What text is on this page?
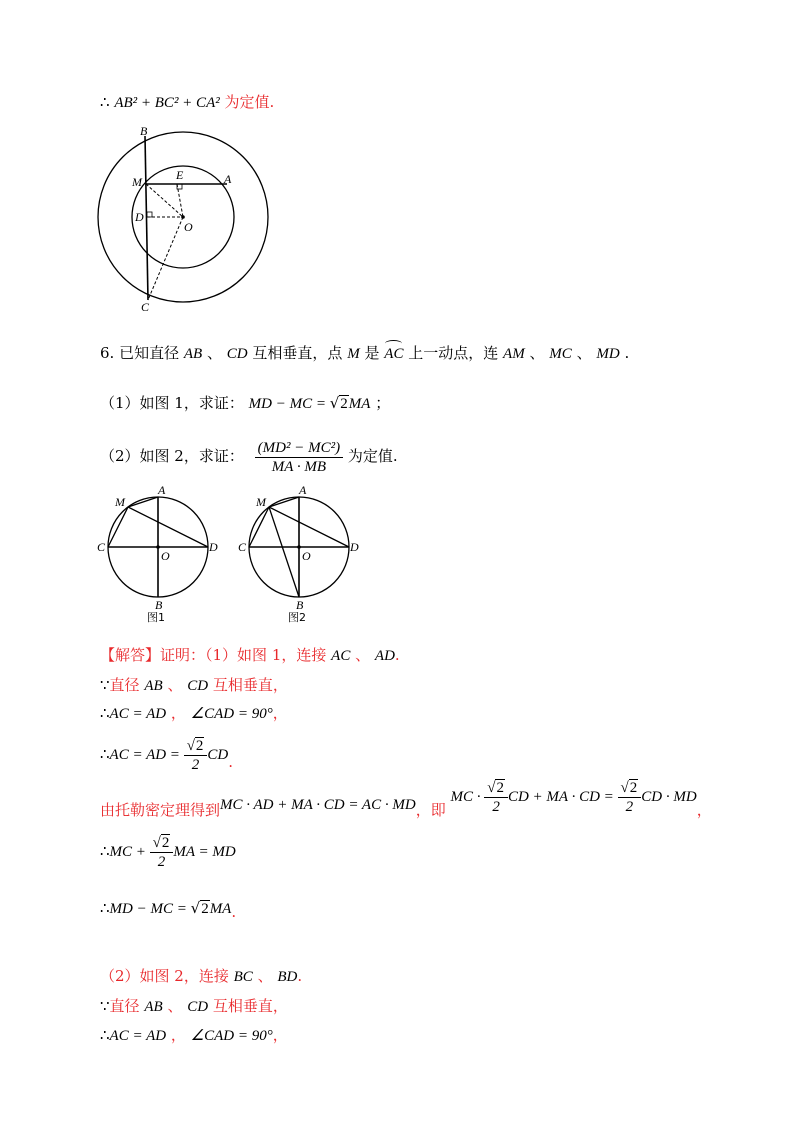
∴ AB² + BC² + CA² 为定值.
B
M	E	A
D
O
C
6. 已知直径 AB 、 CD 互相垂直，点 M 是 AC 上一动点，连 AM 、 MC 、 MD .
（1）如图 1，求证： MD − MC = √2MA ；
（2）如图 2，求证： $\frac{\text{(MD² − MC²)}}{MA \cdot MB}$ 为定值.
M
A
C
O
D
B
图1
M
A
C
O
D
B
图2
【解答】证明：（1）如图 1，连接 AC 、 AD.
∵直径 AB 、 CD 互相垂直，
∴AC = AD ， ∠CAD = 90°，
∴AC = AD = $\frac{√2}{2}$ CD.
由托勒密定理得到MC · AD + MA · CD = AC · MD，即 MC · $\frac{√2}{2}$ CD + MA · CD = $\frac{√2}{2}$ CD · MD，
∴MC + $\frac{√2}{2}$ MA = MD
∴MD − MC = √2MA.
（2）如图 2，连接 BC 、 BD.
∵直径 AB 、 CD 互相垂直，
∴AC = AD ， ∠CAD = 90°，
